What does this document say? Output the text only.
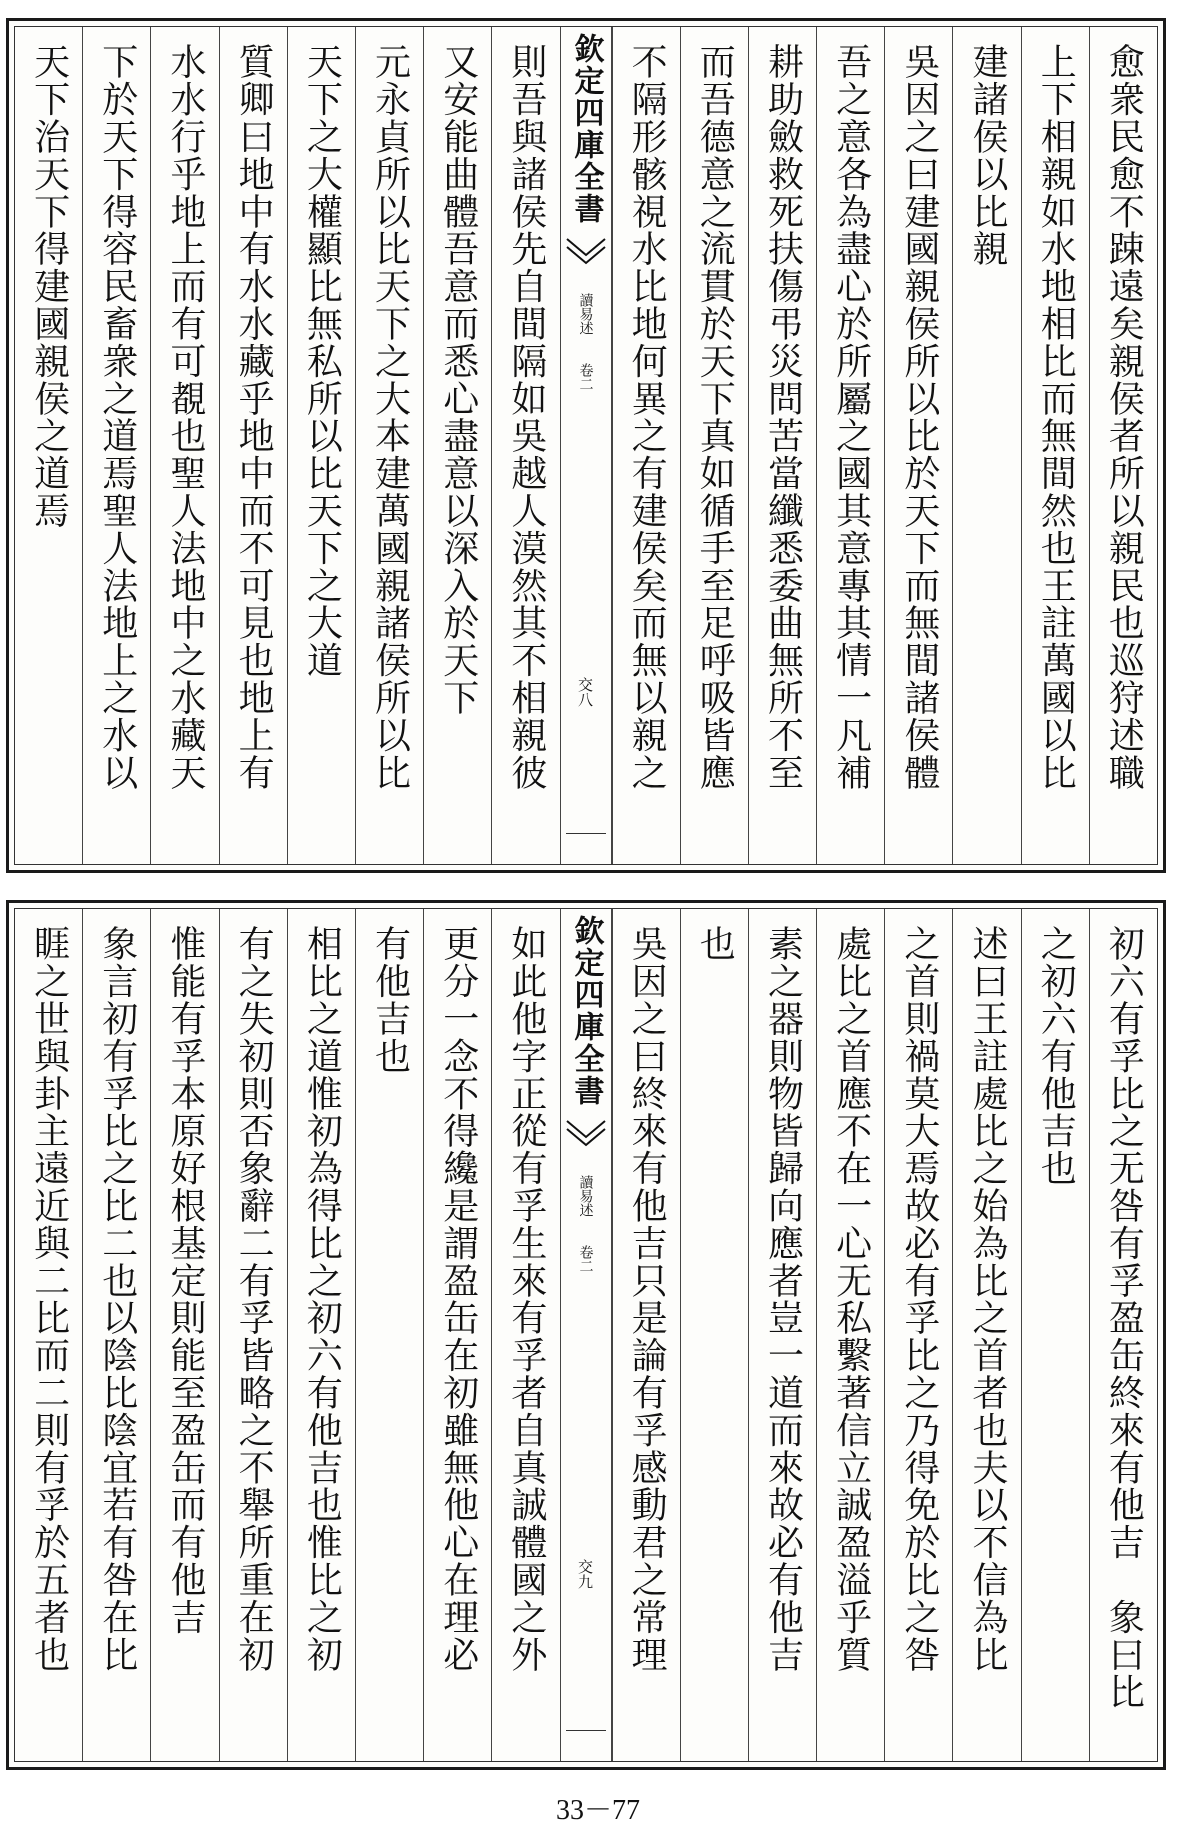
愈衆民愈不踈遠矣親侯者所以親民也巡狩述職
上下相親如水地相比而無間然也王註萬國以比
建諸侯以比親
吳因之曰建國親侯所以比於天下而無間諸侯體
吾之意各為盡心於所屬之國其意專其情一凡補
耕助斂救死扶傷弔災問苦當纖悉委曲無所不至
而吾德意之流貫於天下真如循手至足呼吸皆應
不隔形骸視水比地何異之有建侯矣而無以親之
欽定四庫全書
讀易述
卷二
交八
則吾與諸侯先自間隔如吳越人漠然其不相親彼
又安能曲體吾意而悉心盡意以深入於天下
元永貞所以比天下之大本建萬國親諸侯所以比
天下之大權顯比無私所以比天下之大道
質卿曰地中有水水藏乎地中而不可見也地上有
水水行乎地上而有可覩也聖人法地中之水藏天
下於天下得容民畜衆之道焉聖人法地上之水以
天下治天下得建國親侯之道焉
初六有孚比之无咎有孚盈缶終來有他吉　象曰比
之初六有他吉也
述曰王註處比之始為比之首者也夫以不信為比
之首則禍莫大焉故必有孚比之乃得免於比之咎
處比之首應不在一心无私繫著信立誠盈溢乎質
素之器則物皆歸向應者豈一道而來故必有他吉
也
吳因之曰終來有他吉只是論有孚感動君之常理
欽定四庫全書
讀易述
卷二
交九
如此他字正從有孚生來有孚者自真誠體國之外
更分一念不得纔是謂盈缶在初雖無他心在理必
有他吉也
相比之道惟初為得比之初六有他吉也惟比之初
有之失初則否象辭二有孚皆略之不舉所重在初
惟能有孚本原好根基定則能至盈缶而有他吉
象言初有孚比之比二也以陰比陰宜若有咎在比
睚之世與卦主遠近與二比而二則有孚於五者也
33－77
